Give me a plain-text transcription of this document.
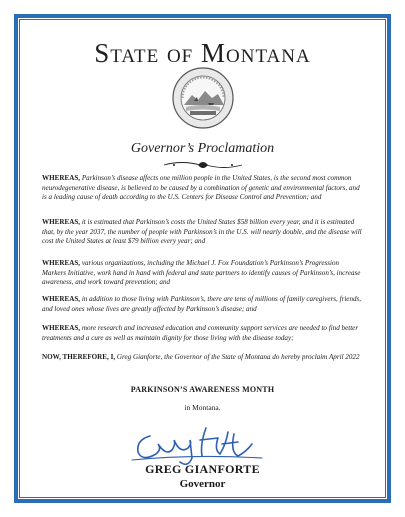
State of Montana
Governor’s Proclamation
WHEREAS, Parkinson’s disease affects one million people in the United States, is the second most common neurodegenerative disease, is believed to be caused by a combination of genetic and environmental factors, and is a leading cause of death according to the U.S. Centers for Disease Control and Prevention; and
WHEREAS, it is estimated that Parkinson’s costs the United States $58 billion every year, and it is estimated that, by the year 2037, the number of people with Parkinson’s in the U.S. will nearly double, and the disease will cost the United States at least $79 billion every year; and
WHEREAS, various organizations, including the Michael J. Fox Foundation’s Parkinson’s Progression Markers Initiative, work hand in hand with federal and state partners to identify causes of Parkinson’s, increase awareness, and work toward prevention; and
WHEREAS, in addition to those living with Parkinson’s, there are tens of millions of family caregivers, friends, and loved ones whose lives are greatly affected by Parkinson’s disease; and
WHEREAS, more research and increased education and community support services are needed to find better treatments and a cure as well as maintain dignity for those living with the disease today;
NOW, THEREFORE, I, Greg Gianforte, the Governor of the State of Montana do hereby proclaim April 2022
PARKINSON’S AWARENESS MONTH
in Montana.
GREG GIANFORTE
Governor
